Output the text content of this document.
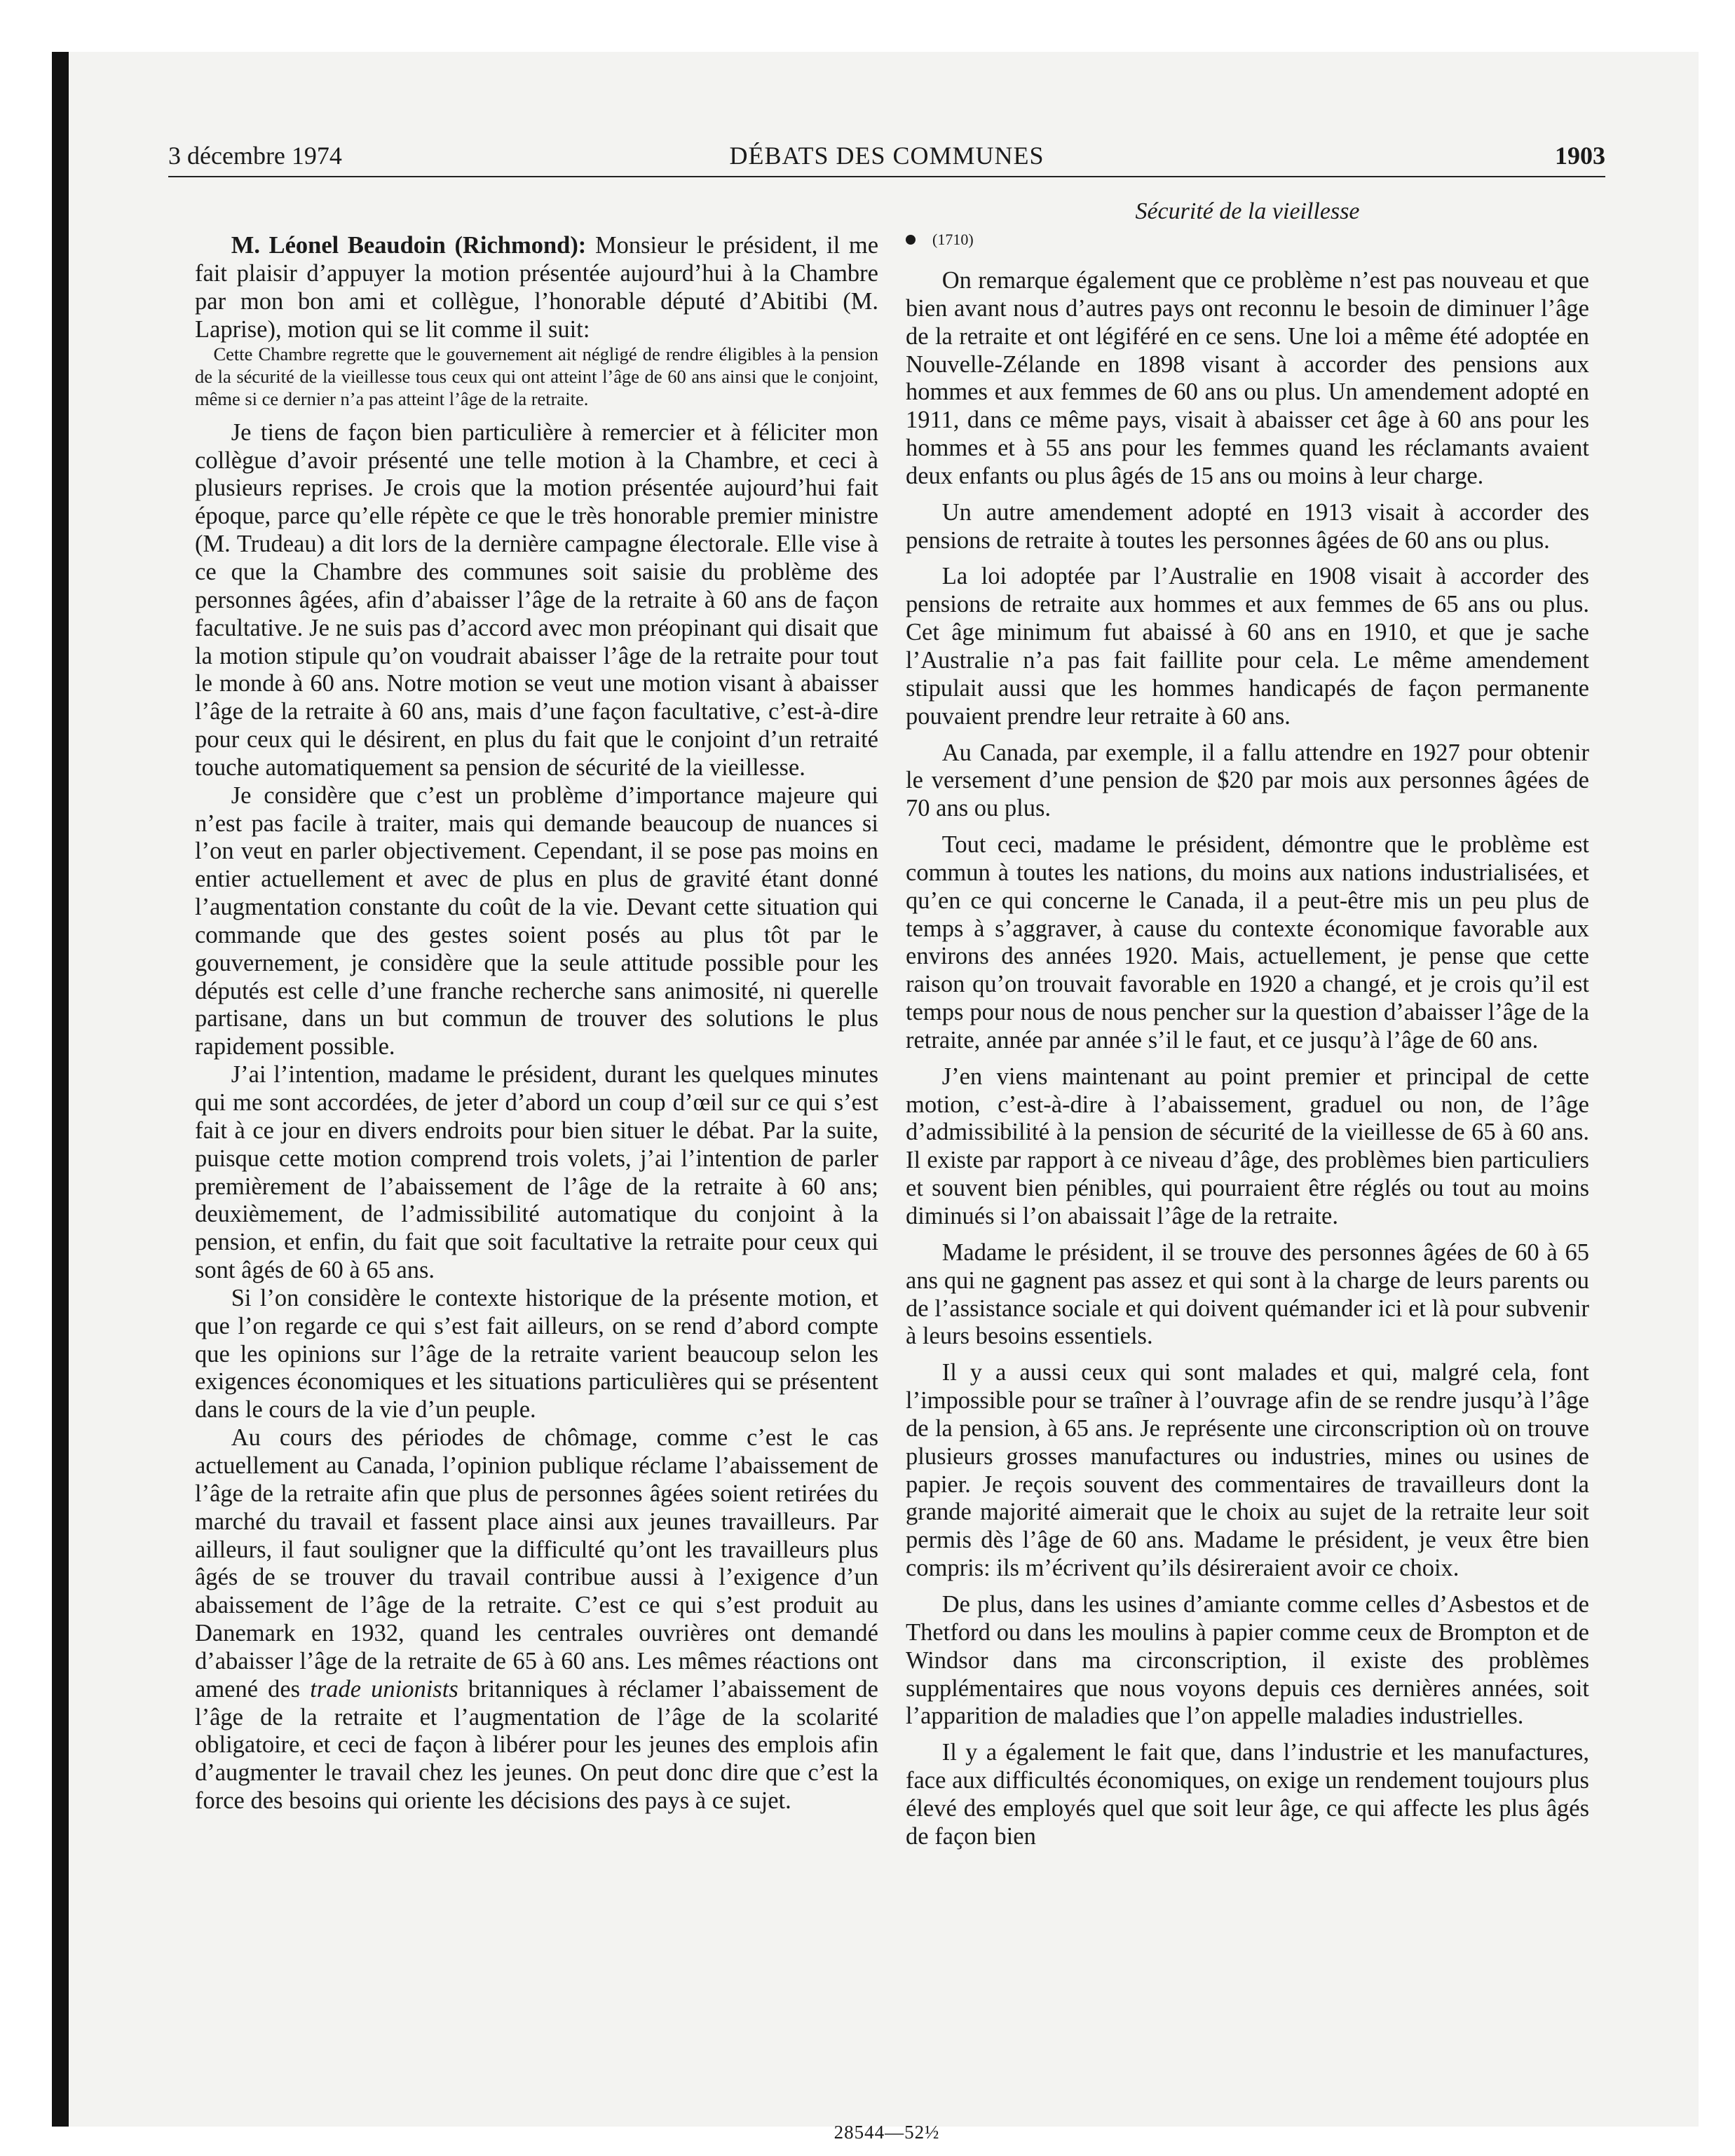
3 décembre 1974	DÉBATS DES COMMUNES	1903

M. Léonel Beaudoin (Richmond): Monsieur le président, il me fait plaisir d’appuyer la motion présentée aujourd’hui à la Chambre par mon bon ami et collègue, l’honorable député d’Abitibi (M. Laprise), motion qui se lit comme il suit:

Cette Chambre regrette que le gouvernement ait négligé de rendre éligibles à la pension de la sécurité de la vieillesse tous ceux qui ont atteint l’âge de 60 ans ainsi que le conjoint, même si ce dernier n’a pas atteint l’âge de la retraite.

Je tiens de façon bien particulière à remercier et à féliciter mon collègue d’avoir présenté une telle motion à la Chambre, et ceci à plusieurs reprises. Je crois que la motion présentée aujourd’hui fait époque, parce qu’elle répète ce que le très honorable premier ministre (M. Trudeau) a dit lors de la dernière campagne électorale. Elle vise à ce que la Chambre des communes soit saisie du problème des personnes âgées, afin d’abaisser l’âge de la retraite à 60 ans de façon facultative. Je ne suis pas d’accord avec mon préopinant qui disait que la motion stipule qu’on voudrait abaisser l’âge de la retraite pour tout le monde à 60 ans. Notre motion se veut une motion visant à abaisser l’âge de la retraite à 60 ans, mais d’une façon facultative, c’est-à-dire pour ceux qui le désirent, en plus du fait que le conjoint d’un retraité touche automatiquement sa pension de sécurité de la vieillesse.

Je considère que c’est un problème d’importance majeure qui n’est pas facile à traiter, mais qui demande beaucoup de nuances si l’on veut en parler objectivement. Cependant, il se pose pas moins en entier actuellement et avec de plus en plus de gravité étant donné l’augmentation constante du coût de la vie. Devant cette situation qui commande que des gestes soient posés au plus tôt par le gouvernement, je considère que la seule attitude possible pour les députés est celle d’une franche recherche sans animosité, ni querelle partisane, dans un but commun de trouver des solutions le plus rapidement possible.

J’ai l’intention, madame le président, durant les quelques minutes qui me sont accordées, de jeter d’abord un coup d’œil sur ce qui s’est fait à ce jour en divers endroits pour bien situer le débat. Par la suite, puisque cette motion comprend trois volets, j’ai l’intention de parler premièrement de l’abaissement de l’âge de la retraite à 60 ans; deuxièmement, de l’admissibilité automatique du conjoint à la pension, et enfin, du fait que soit facultative la retraite pour ceux qui sont âgés de 60 à 65 ans.

Si l’on considère le contexte historique de la présente motion, et que l’on regarde ce qui s’est fait ailleurs, on se rend d’abord compte que les opinions sur l’âge de la retraite varient beaucoup selon les exigences économiques et les situations particulières qui se présentent dans le cours de la vie d’un peuple.

Au cours des périodes de chômage, comme c’est le cas actuellement au Canada, l’opinion publique réclame l’abaissement de l’âge de la retraite afin que plus de personnes âgées soient retirées du marché du travail et fassent place ainsi aux jeunes travailleurs. Par ailleurs, il faut souligner que la difficulté qu’ont les travailleurs plus âgés de se trouver du travail contribue aussi à l’exigence d’un abaissement de l’âge de la retraite. C’est ce qui s’est produit au Danemark en 1932, quand les centrales ouvrières ont demandé d’abaisser l’âge de la retraite de 65 à 60 ans. Les mêmes réactions ont amené des trade unionists britanniques à réclamer l’abaissement de l’âge de la retraite et l’augmentation de l’âge de la scolarité obligatoire, et ceci de façon à libérer pour les jeunes des emplois afin d’augmenter le travail chez les jeunes. On peut donc dire que c’est la force des besoins qui oriente les décisions des pays à ce sujet.

Sécurité de la vieillesse
(1710)

On remarque également que ce problème n’est pas nouveau et que bien avant nous d’autres pays ont reconnu le besoin de diminuer l’âge de la retraite et ont légiféré en ce sens. Une loi a même été adoptée en Nouvelle-Zélande en 1898 visant à accorder des pensions aux hommes et aux femmes de 60 ans ou plus. Un amendement adopté en 1911, dans ce même pays, visait à abaisser cet âge à 60 ans pour les hommes et à 55 ans pour les femmes quand les réclamants avaient deux enfants ou plus âgés de 15 ans ou moins à leur charge.

Un autre amendement adopté en 1913 visait à accorder des pensions de retraite à toutes les personnes âgées de 60 ans ou plus.

La loi adoptée par l’Australie en 1908 visait à accorder des pensions de retraite aux hommes et aux femmes de 65 ans ou plus. Cet âge minimum fut abaissé à 60 ans en 1910, et que je sache l’Australie n’a pas fait faillite pour cela. Le même amendement stipulait aussi que les hommes handicapés de façon permanente pouvaient prendre leur retraite à 60 ans.

Au Canada, par exemple, il a fallu attendre en 1927 pour obtenir le versement d’une pension de $20 par mois aux personnes âgées de 70 ans ou plus.

Tout ceci, madame le président, démontre que le problème est commun à toutes les nations, du moins aux nations industrialisées, et qu’en ce qui concerne le Canada, il a peut-être mis un peu plus de temps à s’aggraver, à cause du contexte économique favorable aux environs des années 1920. Mais, actuellement, je pense que cette raison qu’on trouvait favorable en 1920 a changé, et je crois qu’il est temps pour nous de nous pencher sur la question d’abaisser l’âge de la retraite, année par année s’il le faut, et ce jusqu’à l’âge de 60 ans.

J’en viens maintenant au point premier et principal de cette motion, c’est-à-dire à l’abaissement, graduel ou non, de l’âge d’admissibilité à la pension de sécurité de la vieillesse de 65 à 60 ans. Il existe par rapport à ce niveau d’âge, des problèmes bien particuliers et souvent bien pénibles, qui pourraient être réglés ou tout au moins diminués si l’on abaissait l’âge de la retraite.

Madame le président, il se trouve des personnes âgées de 60 à 65 ans qui ne gagnent pas assez et qui sont à la charge de leurs parents ou de l’assistance sociale et qui doivent quémander ici et là pour subvenir à leurs besoins essentiels.

Il y a aussi ceux qui sont malades et qui, malgré cela, font l’impossible pour se traîner à l’ouvrage afin de se rendre jusqu’à l’âge de la pension, à 65 ans. Je représente une circonscription où on trouve plusieurs grosses manufactures ou industries, mines ou usines de papier. Je reçois souvent des commentaires de travailleurs dont la grande majorité aimerait que le choix au sujet de la retraite leur soit permis dès l’âge de 60 ans. Madame le président, je veux être bien compris: ils m’écrivent qu’ils désireraient avoir ce choix.

De plus, dans les usines d’amiante comme celles d’Asbestos et de Thetford ou dans les moulins à papier comme ceux de Brompton et de Windsor dans ma circonscription, il existe des problèmes supplémentaires que nous voyons depuis ces dernières années, soit l’apparition de maladies que l’on appelle maladies industrielles.

Il y a également le fait que, dans l’industrie et les manufactures, face aux difficultés économiques, on exige un rendement toujours plus élevé des employés quel que soit leur âge, ce qui affecte les plus âgés de façon bien

28544—52½
